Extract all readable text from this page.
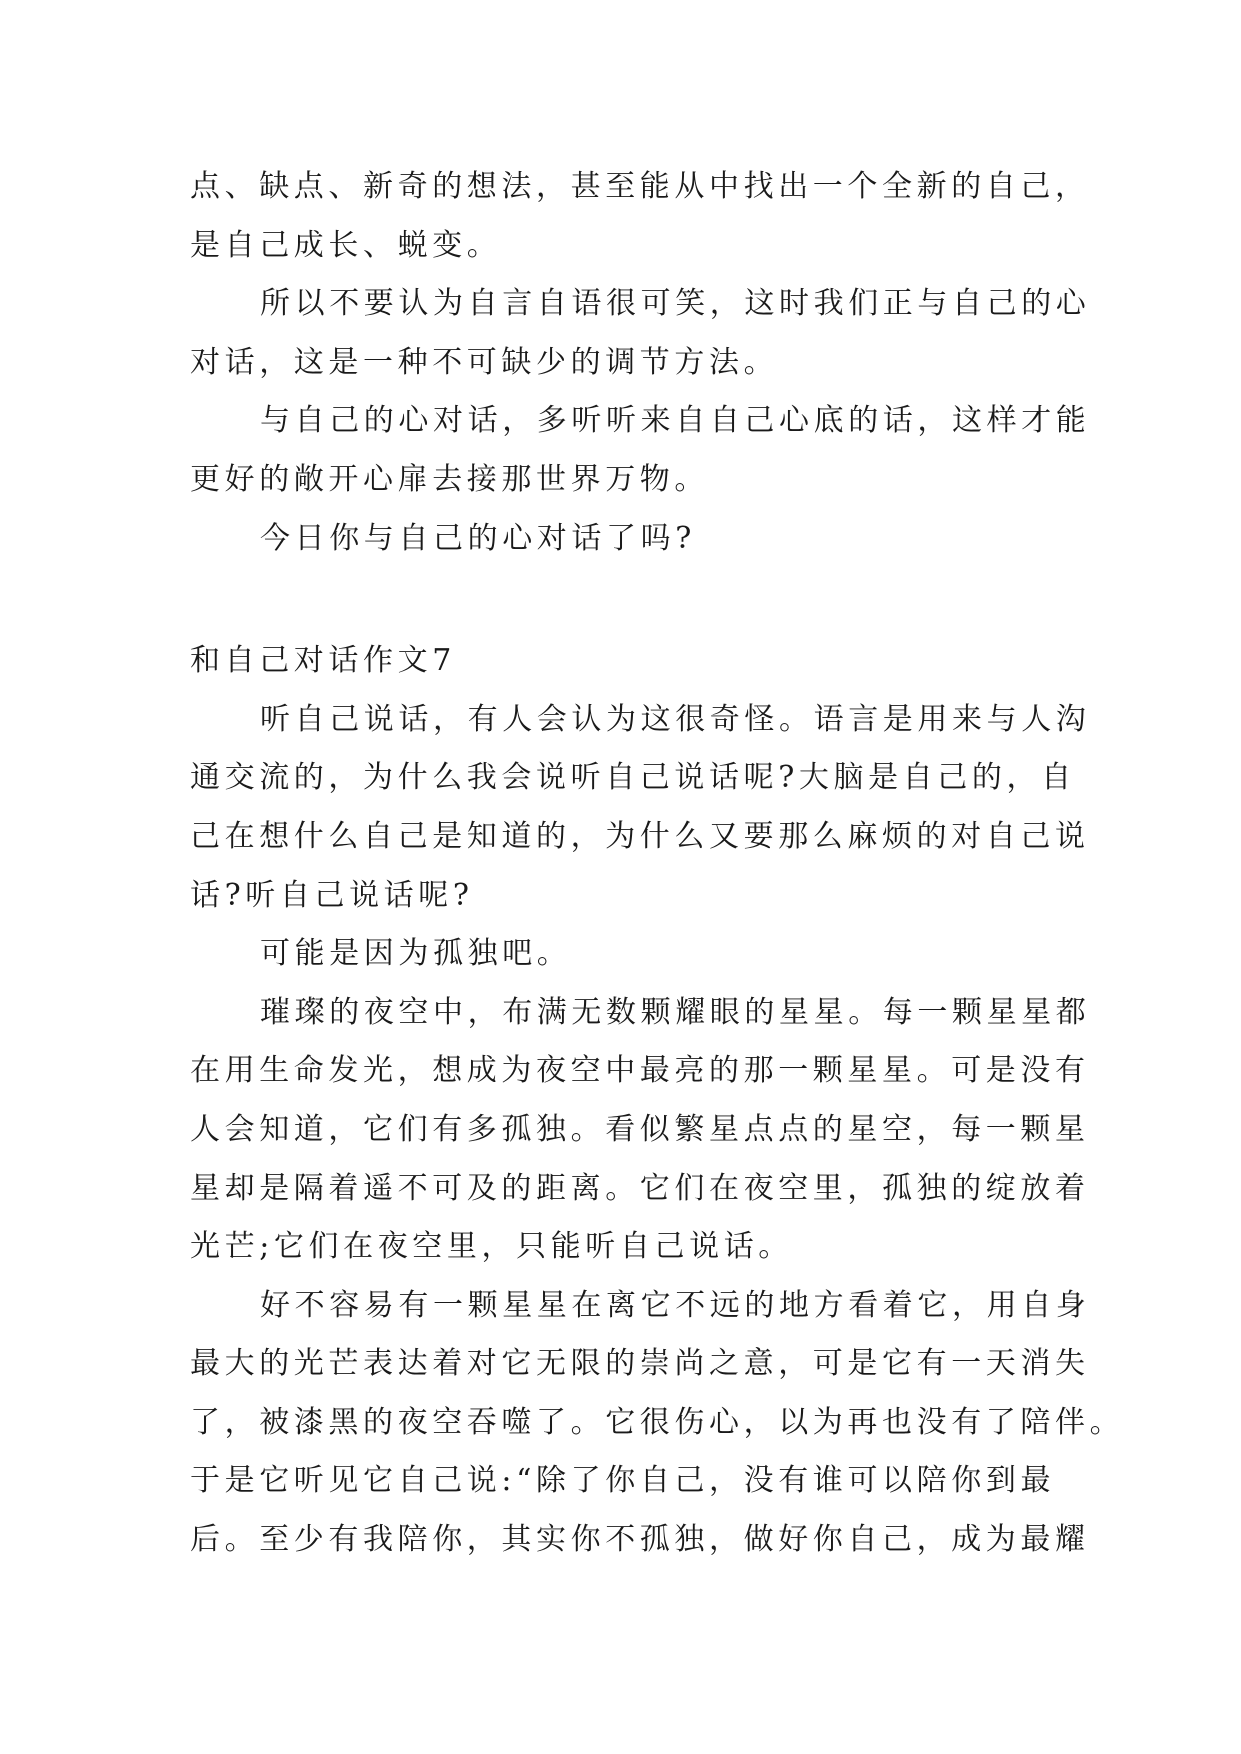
点、缺点、新奇的想法，甚至能从中找出一个全新的自己，
是自己成长、蜕变。
所以不要认为自言自语很可笑，这时我们正与自己的心
对话，这是一种不可缺少的调节方法。
与自己的心对话，多听听来自自己心底的话，这样才能
更好的敞开心扉去接那世界万物。
今日你与自己的心对话了吗?
和自己对话作文7
听自己说话，有人会认为这很奇怪。语言是用来与人沟
通交流的，为什么我会说听自己说话呢?大脑是自己的，自
己在想什么自己是知道的，为什么又要那么麻烦的对自己说
话?听自己说话呢?
可能是因为孤独吧。
璀璨的夜空中，布满无数颗耀眼的星星。每一颗星星都
在用生命发光，想成为夜空中最亮的那一颗星星。可是没有
人会知道，它们有多孤独。看似繁星点点的星空，每一颗星
星却是隔着遥不可及的距离。它们在夜空里，孤独的绽放着
光芒;它们在夜空里，只能听自己说话。
好不容易有一颗星星在离它不远的地方看着它，用自身
最大的光芒表达着对它无限的崇尚之意，可是它有一天消失
了，被漆黑的夜空吞噬了。它很伤心，以为再也没有了陪伴。
于是它听见它自己说:“除了你自己，没有谁可以陪你到最
后。至少有我陪你，其实你不孤独，做好你自己，成为最耀
